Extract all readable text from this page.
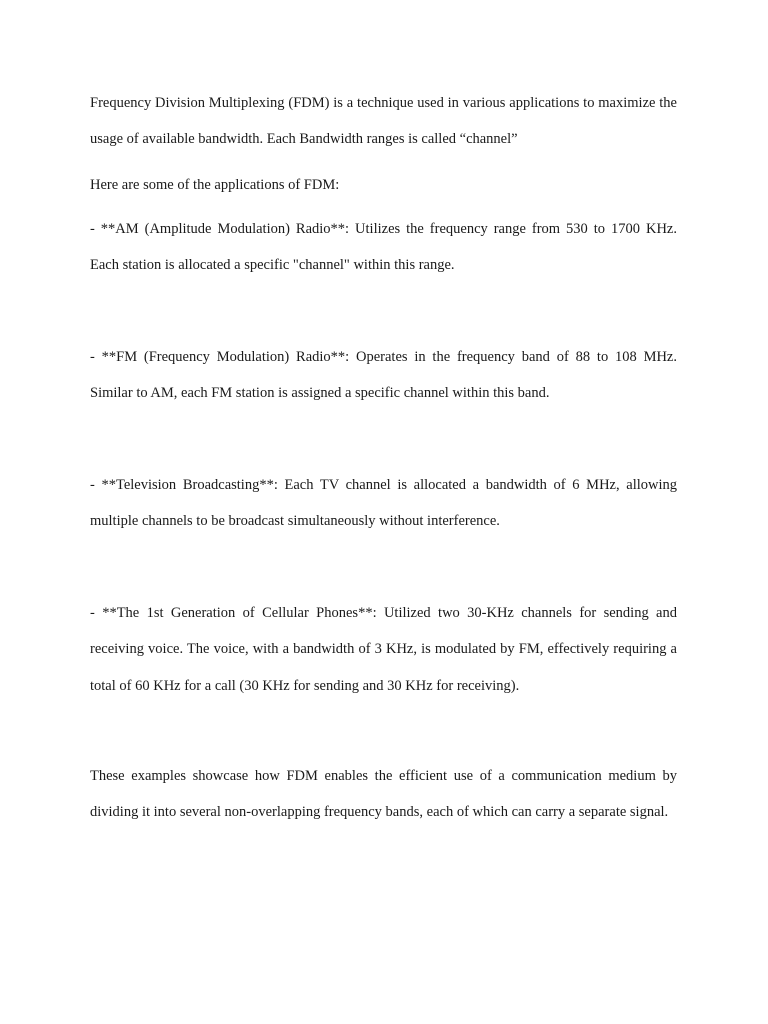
Frequency Division Multiplexing (FDM) is a technique used in various applications to maximize the usage of available bandwidth. Each Bandwidth ranges is called “channel”

Here are some of the applications of FDM:

- **AM (Amplitude Modulation) Radio**: Utilizes the frequency range from 530 to 1700 KHz. Each station is allocated a specific "channel" within this range.

- **FM (Frequency Modulation) Radio**: Operates in the frequency band of 88 to 108 MHz. Similar to AM, each FM station is assigned a specific channel within this band.

- **Television Broadcasting**: Each TV channel is allocated a bandwidth of 6 MHz, allowing multiple channels to be broadcast simultaneously without interference.

- **The 1st Generation of Cellular Phones**: Utilized two 30-KHz channels for sending and receiving voice. The voice, with a bandwidth of 3 KHz, is modulated by FM, effectively requiring a total of 60 KHz for a call (30 KHz for sending and 30 KHz for receiving).

These examples showcase how FDM enables the efficient use of a communication medium by dividing it into several non-overlapping frequency bands, each of which can carry a separate signal.
